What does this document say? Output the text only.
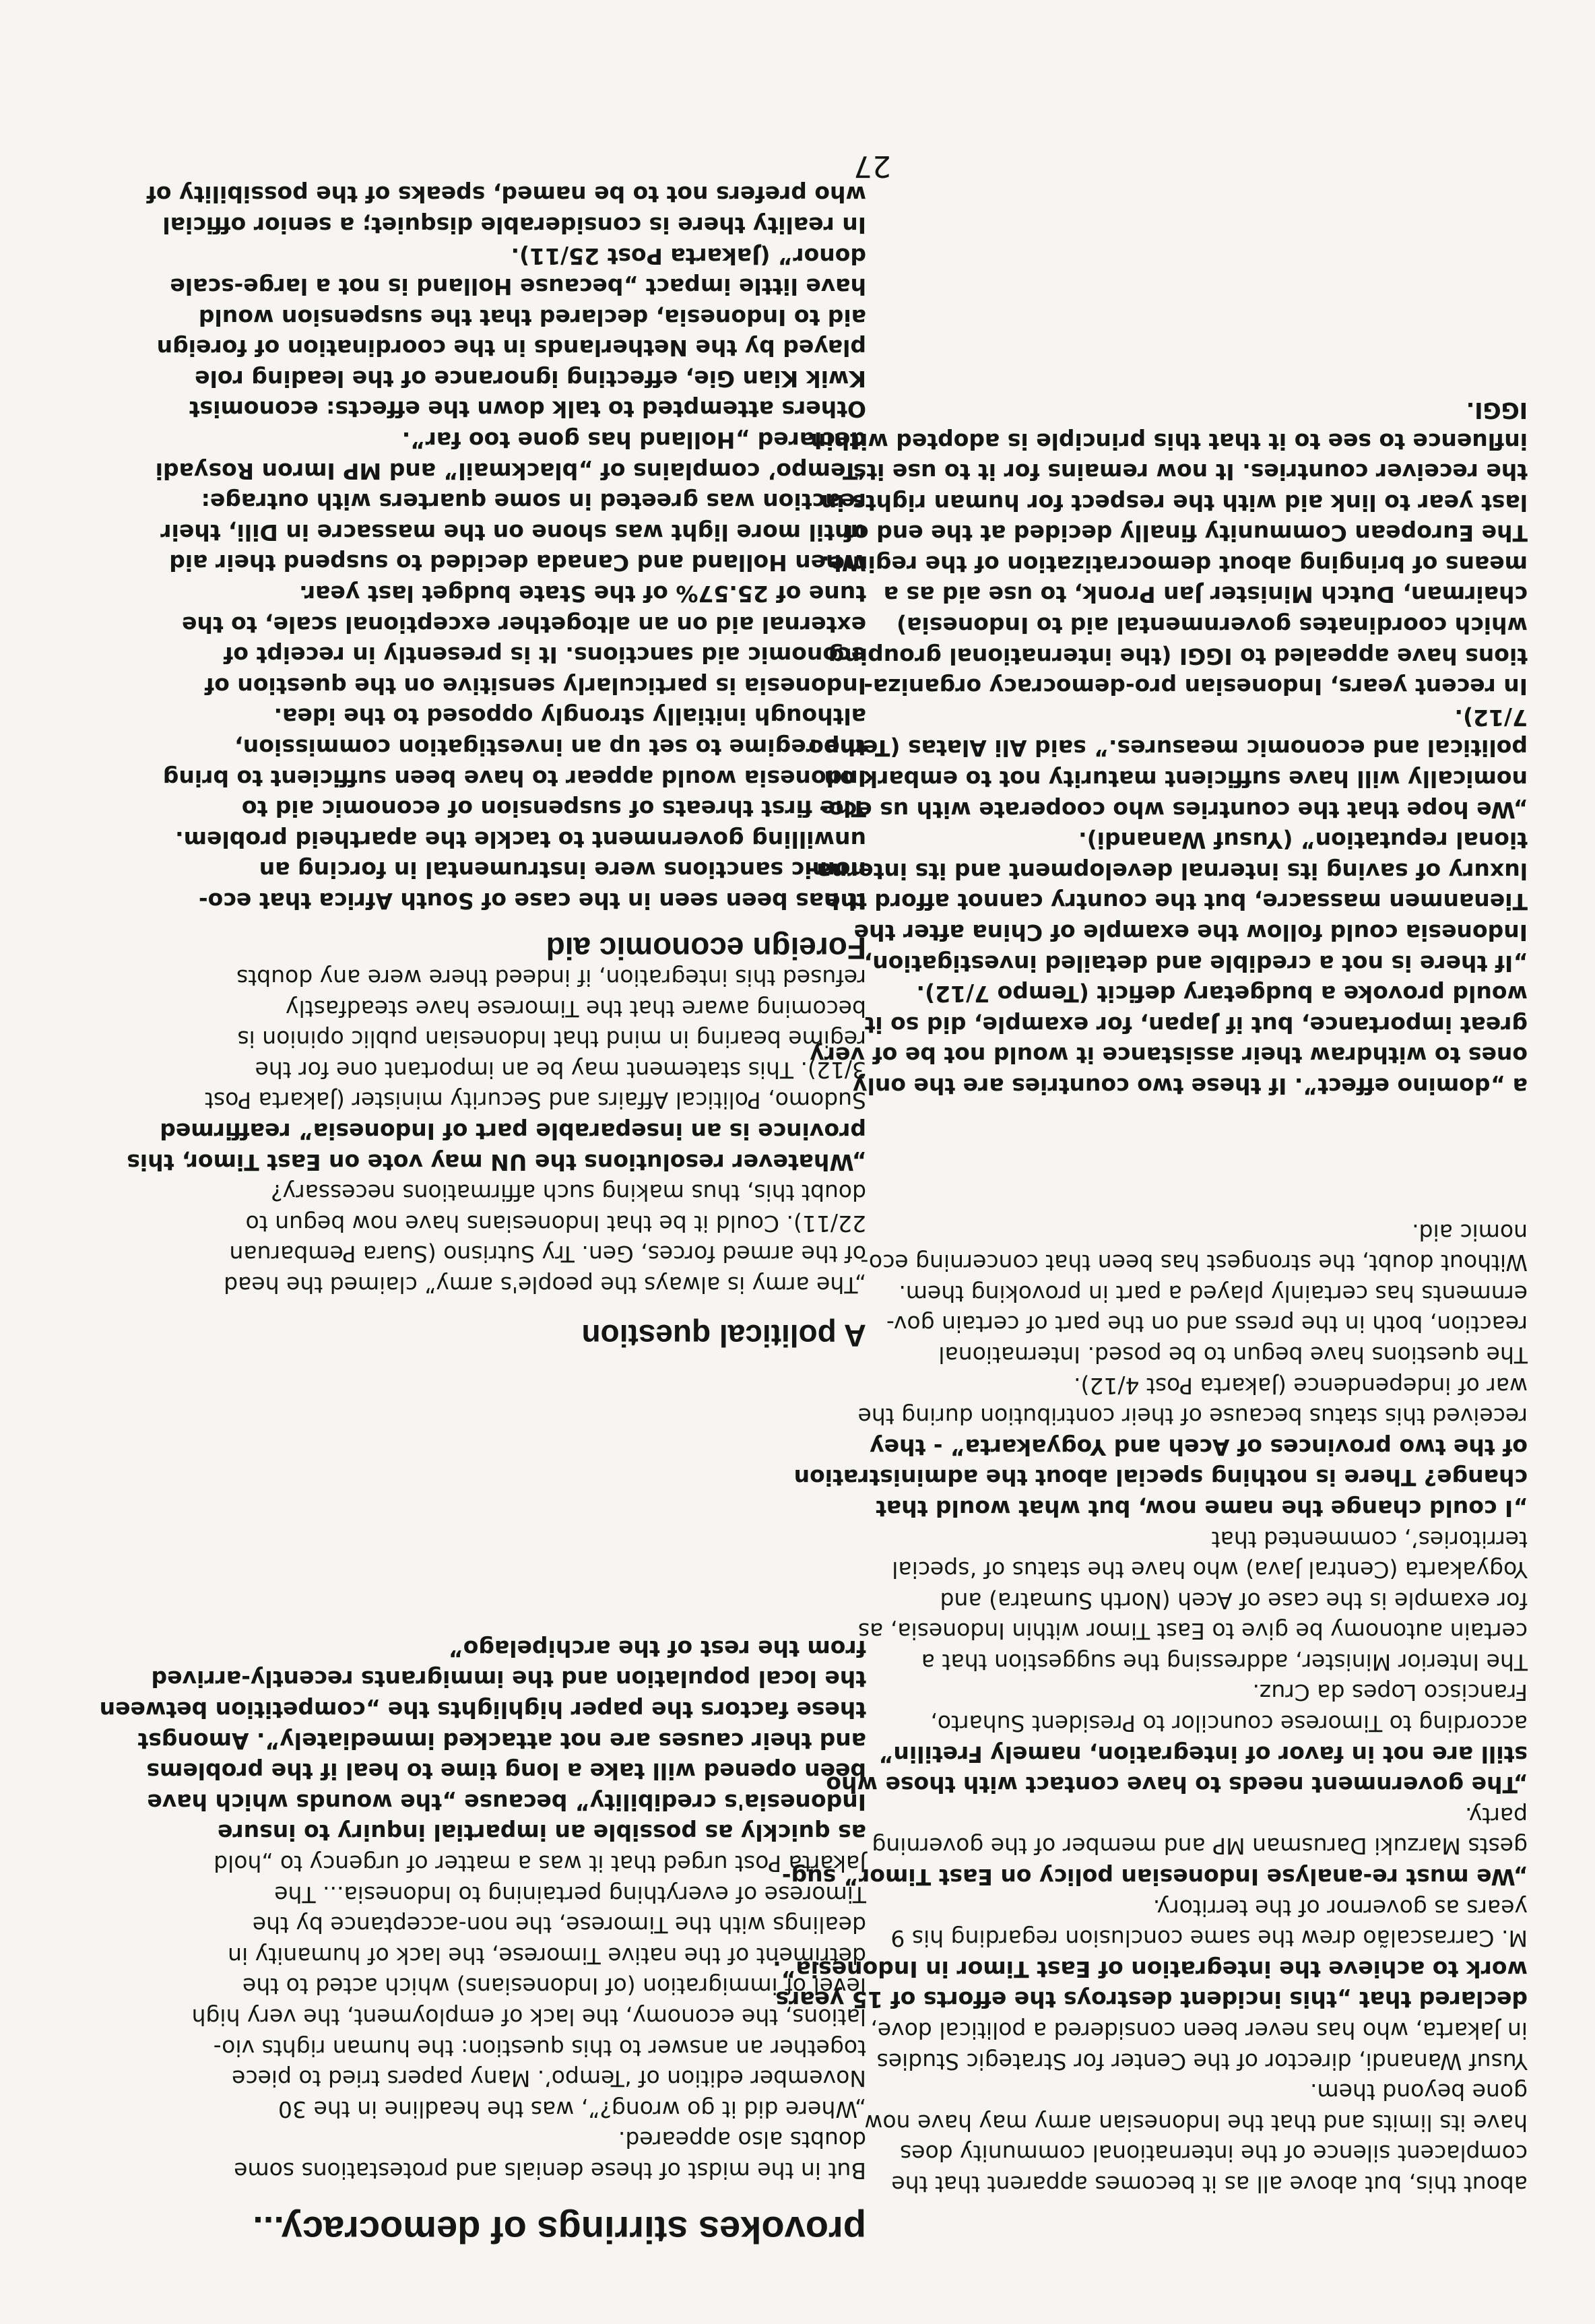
provokes stirrings of democracy...
But in the midst of these denials and protestations some
doubts also appeared.
„Where did it go wrong?”, was the headline in the 30
November edition of ‘Tempo’. Many papers tried to piece
together an answer to this question: the human rights vio-
lations, the economy, the lack of employment, the very high
level of immigration (of Indonesians) which acted to the
detriment of the native Timorese, the lack of humanity in
dealings with the Timorese, the non-acceptance by the
Timorese of everything pertaining to Indonesia... The
Jakarta Post urged that it was a matter of urgency to „hold
as quickly as possible an impartial inquiry to insure
Indonesia's credibility” because „the wounds which have
been opened will take a long time to heal if the problems
and their causes are not attacked immediately”. Amongst
these factors the paper highlights the „competition between
the local population and the immigrants recently-arrived
from the rest of the archipelago”
A political question
„The army is always the people's army” claimed the head
of the armed forces, Gen. Try Sutrisno (Suara Pembaruan
22/11). Could it be that Indonesians have now begun to
doubt this, thus making such affirmations necessary?
„Whatever resolutions the UN may vote on East Timor, this
province is an inseparable part of Indonesia” reaffirmed
Sudomo, Political Affairs and Security minister (Jakarta Post
3/12). This statement may be an important one for the
regime bearing in mind that Indonesian public opinion is
becoming aware that the Timorese have steadfastly
refused this integration, if indeed there were any doubts
Foreign economic aid
It has been seen in the case of South Africa that eco-
nomic sanctions were instrumental in forcing an
unwilling government to tackle the apartheid problem.
The first threats of suspension of economic aid to
Indonesia would appear to have been sufficient to bring
the regime to set up an investigation commission,
although initially strongly opposed to the idea.
Indonesia is particularly sensitive on the question of
economic aid sanctions. It is presently in receipt of
external aid on an altogether exceptional scale, to the
tune of 25.57% of the State budget last year.
When Holland and Canada decided to suspend their aid
until more light was shone on the massacre in Dili, their
reaction was greeted in some quarters with outrage:
‘Tempo’ complains of „blackmail” and MP Imron Rosyadi
declared „Holland has gone too far”.
Others attempted to talk down the effects: economist
Kwik Kian Gie, effecting ignorance of the leading role
played by the Netherlands in the coordination of foreign
aid to Indonesia, declared that the suspension would
have little impact „because Holland is not a large-scale
donor” (Jakarta Post 25/11).
In reality there is considerable disquiet; a senior official
who prefers not to be named, speaks of the possibility of
about this, but above all as it becomes apparent that the
complacent silence of the international community does
have its limits and that the Indonesian army may have now
gone beyond them.
Yusuf Wanandi, director of the Center for Strategic Studies
in Jakarta, who has never been considered a political dove,
declared that „this incident destroys the efforts of 15 years
work to achieve the integration of East Timor in Indonesia”.
M. Carrascalão drew the same conclusion regarding his 9
years as governor of the territory.
„We must re-analyse Indonesian policy on East Timor” sug-
gests Marzuki Darusman MP and member of the governing
party.
„The government needs to have contact with those who
still are not in favor of integration, namely Fretilin”
according to Timorese councilor to President Suharto,
Francisco Lopes da Cruz.
The Interior Minister, addressing the suggestion that a
certain autonomy be give to East Timor within Indonesia, as
for example is the case of Aceh (North Sumatra) and
Yogyakarta (Central Java) who have the status of ‘special
territories’, commented that
„I could change the name now, but what would that
change? There is nothing special about the administration
of the two provinces of Aceh and Yogyakarta” - they
received this status because of their contribution during the
war of independence (Jakarta Post 4/12).
The questions have begun to be posed. International
reaction, both in the press and on the part of certain gov-
ernments has certainly played a part in provoking them.
Without doubt, the strongest has been that concerning eco-
nomic aid.
a „domino effect”. If these two countries are the only
ones to withdraw their assistance it would not be of very
great importance, but if Japan, for example, did so it
would provoke a budgetary deficit (Tempo 7/12).
„If there is not a credible and detailed investigation,
Indonesia could follow the example of China after the
Tienanmen massacre, but the country cannot afford the
luxury of saving its internal development and its interna-
tional reputation” (Yusuf Wanandi).
„We hope that the countries who cooperate with us eco-
nomically will have sufficient maturity not to embark on
political and economic measures.” said Ali Alatas (Tempo
7/12).
In recent years, Indonesian pro-democracy organiza-
tions have appealed to IGGI (the international grouping
which coordinates governmental aid to Indonesia)
chairman, Dutch Minister Jan Pronk, to use aid as a
means of bringing about democratization of the regime.
The European Community finally decided at the end of
last year to link aid with the respect for human rights in
the receiver countries. It now remains for it to use its
influence to see to it that this principle is adopted within
IGGI.
27
